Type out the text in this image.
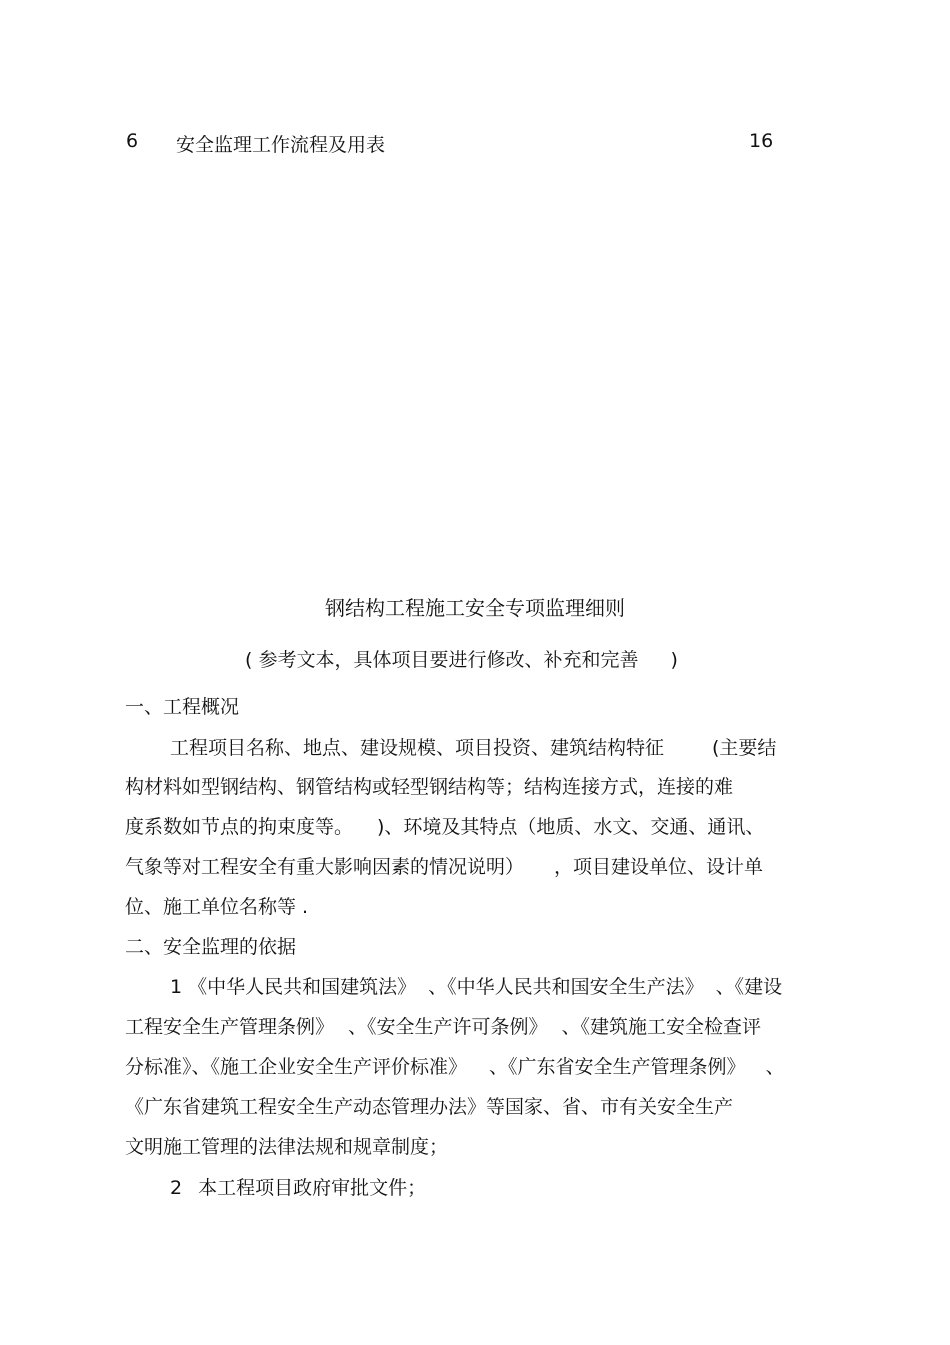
6 安全监理工作流程及用表	16
钢结构工程施工安全专项监理细则
( 参考文本，具体项目要进行修改、补充和完善 )
一、工程概况
工程项目名称、地点、建设规模、项目投资、建筑结构特征	(主要结
构材料如型钢结构、钢管结构或轻型钢结构等；结构连接方式，连接的难
度系数如节点的拘束度等。 )、环境及其特点（地质、水文、交通、通讯、
气象等对工程安全有重大影响因素的情况说明） ，项目建设单位、设计单
位、施工单位名称等 .
二、安全监理的依据
1 《中华人民共和国建筑法》 、《中华人民共和国安全生产法》 、《建设
工程安全生产管理条例》 、《安全生产许可条例》 、《建筑施工安全检查评
分标准》、《施工企业安全生产评价标准》 、《广东省安全生产管理条例》 、
《广东省建筑工程安全生产动态管理办法》等国家、省、市有关安全生产
文明施工管理的法律法规和规章制度；
2 本工程项目政府审批文件；
